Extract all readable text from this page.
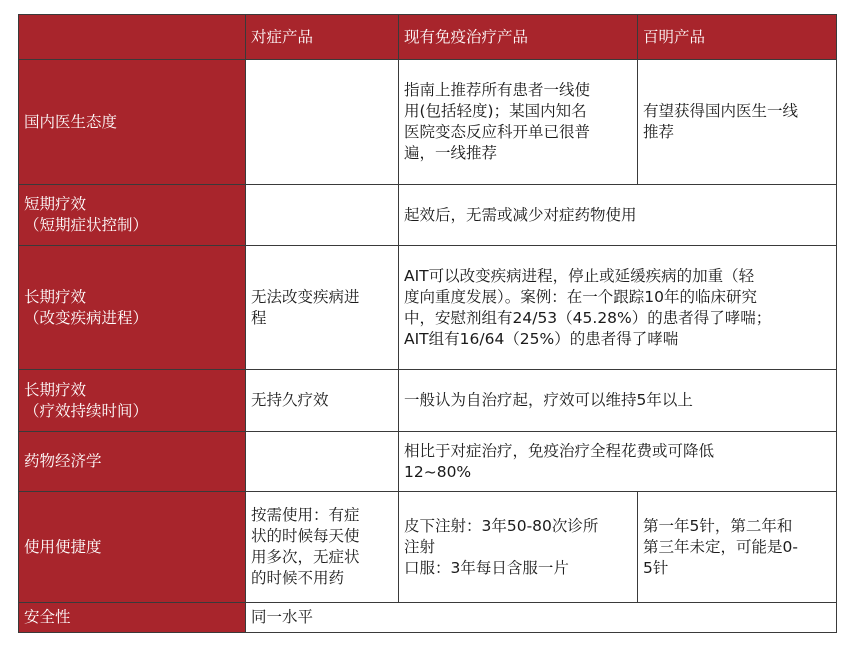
	对症产品	现有免疫治疗产品	百明产品
国内医生态度		指南上推荐所有患者一线使
用(包括轻度)；某国内知名
医院变态反应科开单已很普
遍，一线推荐	有望获得国内医生一线
推荐

短期疗效
（短期症状控制）		起效后，无需或减少对症药物使用	

长期疗效
（改变疾病进程）	无法改变疾病进
程	AIT可以改变疾病进程，停止或延缓疾病的加重（轻
度向重度发展）。案例：在一个跟踪10年的临床研究
中，安慰剂组有24/53（45.28%）的患者得了哮喘；
AIT组有16/64（25%）的患者得了哮喘	

长期疗效
（疗效持续时间）	无持久疗效	一般认为自治疗起，疗效可以维持5年以上	
药物经济学		相比于对症治疗，免疫治疗全程花费或可降低
12~80%	

使用便捷度	按需使用：有症
状的时候每天使
用多次，无症状
的时候不用药	皮下注射：3年50-80次诊所
注射
口服：3年每日含服一片	第一年5针，第二年和
第三年未定，可能是0-
5针

安全性	同一水平		
